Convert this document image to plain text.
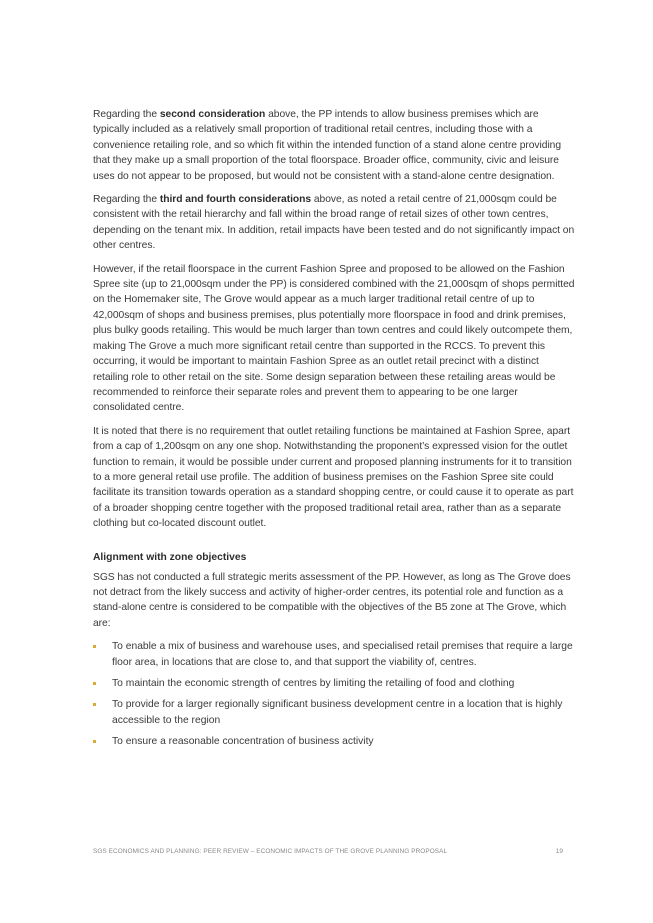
Regarding the second consideration above, the PP intends to allow business premises which are typically included as a relatively small proportion of traditional retail centres, including those with a convenience retailing role, and so which fit within the intended function of a stand alone centre providing that they make up a small proportion of the total floorspace. Broader office, community, civic and leisure uses do not appear to be proposed, but would not be consistent with a stand-alone centre designation.

Regarding the third and fourth considerations above, as noted a retail centre of 21,000sqm could be consistent with the retail hierarchy and fall within the broad range of retail sizes of other town centres, depending on the tenant mix. In addition, retail impacts have been tested and do not significantly impact on other centres.

However, if the retail floorspace in the current Fashion Spree and proposed to be allowed on the Fashion Spree site (up to 21,000sqm under the PP) is considered combined with the 21,000sqm of shops permitted on the Homemaker site, The Grove would appear as a much larger traditional retail centre of up to 42,000sqm of shops and business premises, plus potentially more floorspace in food and drink premises, plus bulky goods retailing. This would be much larger than town centres and could likely outcompete them, making The Grove a much more significant retail centre than supported in the RCCS. To prevent this occurring, it would be important to maintain Fashion Spree as an outlet retail precinct with a distinct retailing role to other retail on the site. Some design separation between these retailing areas would be recommended to reinforce their separate roles and prevent them to appearing to be one larger consolidated centre.

It is noted that there is no requirement that outlet retailing functions be maintained at Fashion Spree, apart from a cap of 1,200sqm on any one shop. Notwithstanding the proponent’s expressed vision for the outlet function to remain, it would be possible under current and proposed planning instruments for it to transition to a more general retail use profile. The addition of business premises on the Fashion Spree site could facilitate its transition towards operation as a standard shopping centre, or could cause it to operate as part of a broader shopping centre together with the proposed traditional retail area, rather than as a separate clothing but co-located discount outlet.

Alignment with zone objectives

SGS has not conducted a full strategic merits assessment of the PP. However, as long as The Grove does not detract from the likely success and activity of higher-order centres, its potential role and function as a stand-alone centre is considered to be compatible with the objectives of the B5 zone at The Grove, which are:

To enable a mix of business and warehouse uses, and specialised retail premises that require a large floor area, in locations that are close to, and that support the viability of, centres.
To maintain the economic strength of centres by limiting the retailing of food and clothing
To provide for a larger regionally significant business development centre in a location that is highly accessible to the region
To ensure a reasonable concentration of business activity
SGS ECONOMICS AND PLANNING: PEER REVIEW – ECONOMIC IMPACTS OF THE GROVE PLANNING PROPOSAL	19
